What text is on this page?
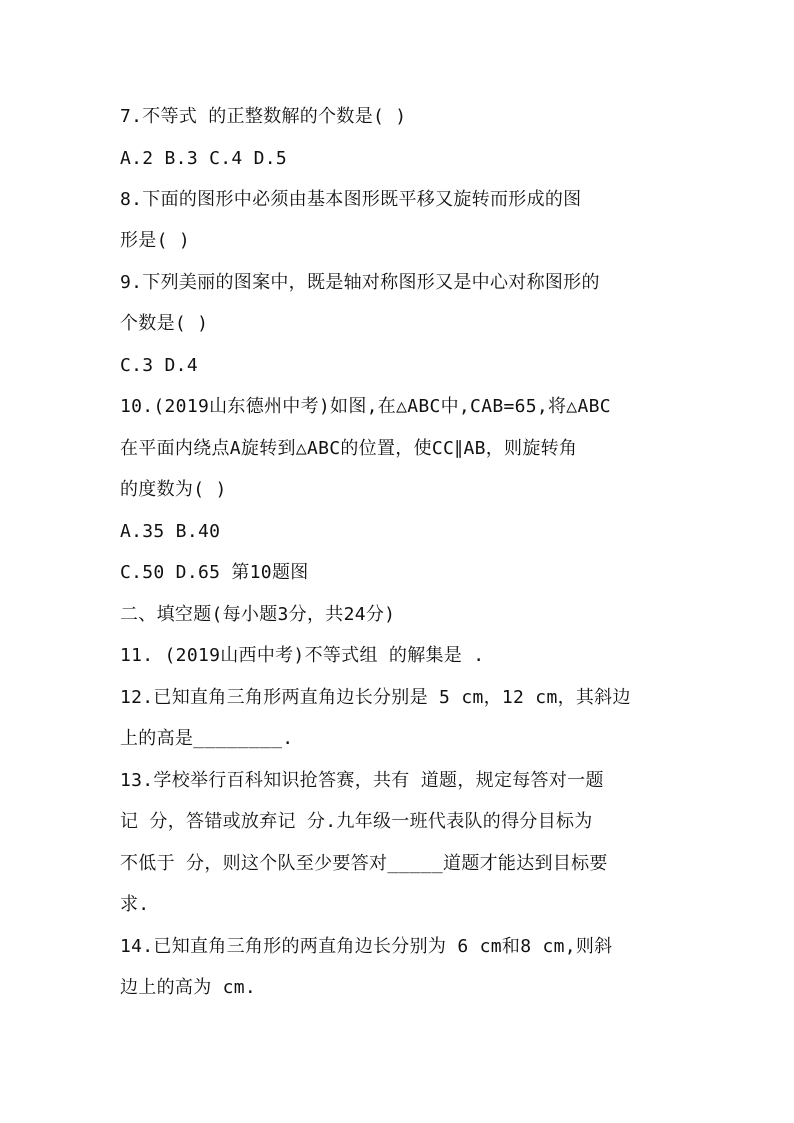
7.不等式 的正整数解的个数是( )
A.2 B.3 C.4 D.5
8.下面的图形中必须由基本图形既平移又旋转而形成的图
形是( )
9.下列美丽的图案中，既是轴对称图形又是中心对称图形的
个数是( )
C.3 D.4
10.(2019山东德州中考)如图,在△ABC中,CAB=65,将△ABC
在平面内绕点A旋转到△ABC的位置，使CC∥AB，则旋转角
的度数为( )
A.35 B.40
C.50 D.65 第10题图
二、填空题(每小题3分，共24分)
11. (2019山西中考)不等式组 的解集是 .
12.已知直角三角形两直角边长分别是 5 cm，12 cm，其斜边
上的高是________.
13.学校举行百科知识抢答赛，共有 道题，规定每答对一题
记 分，答错或放弃记 分.九年级一班代表队的得分目标为
不低于 分，则这个队至少要答对_____道题才能达到目标要
求.
14.已知直角三角形的两直角边长分别为 6 cm和8 cm,则斜
边上的高为 cm.
